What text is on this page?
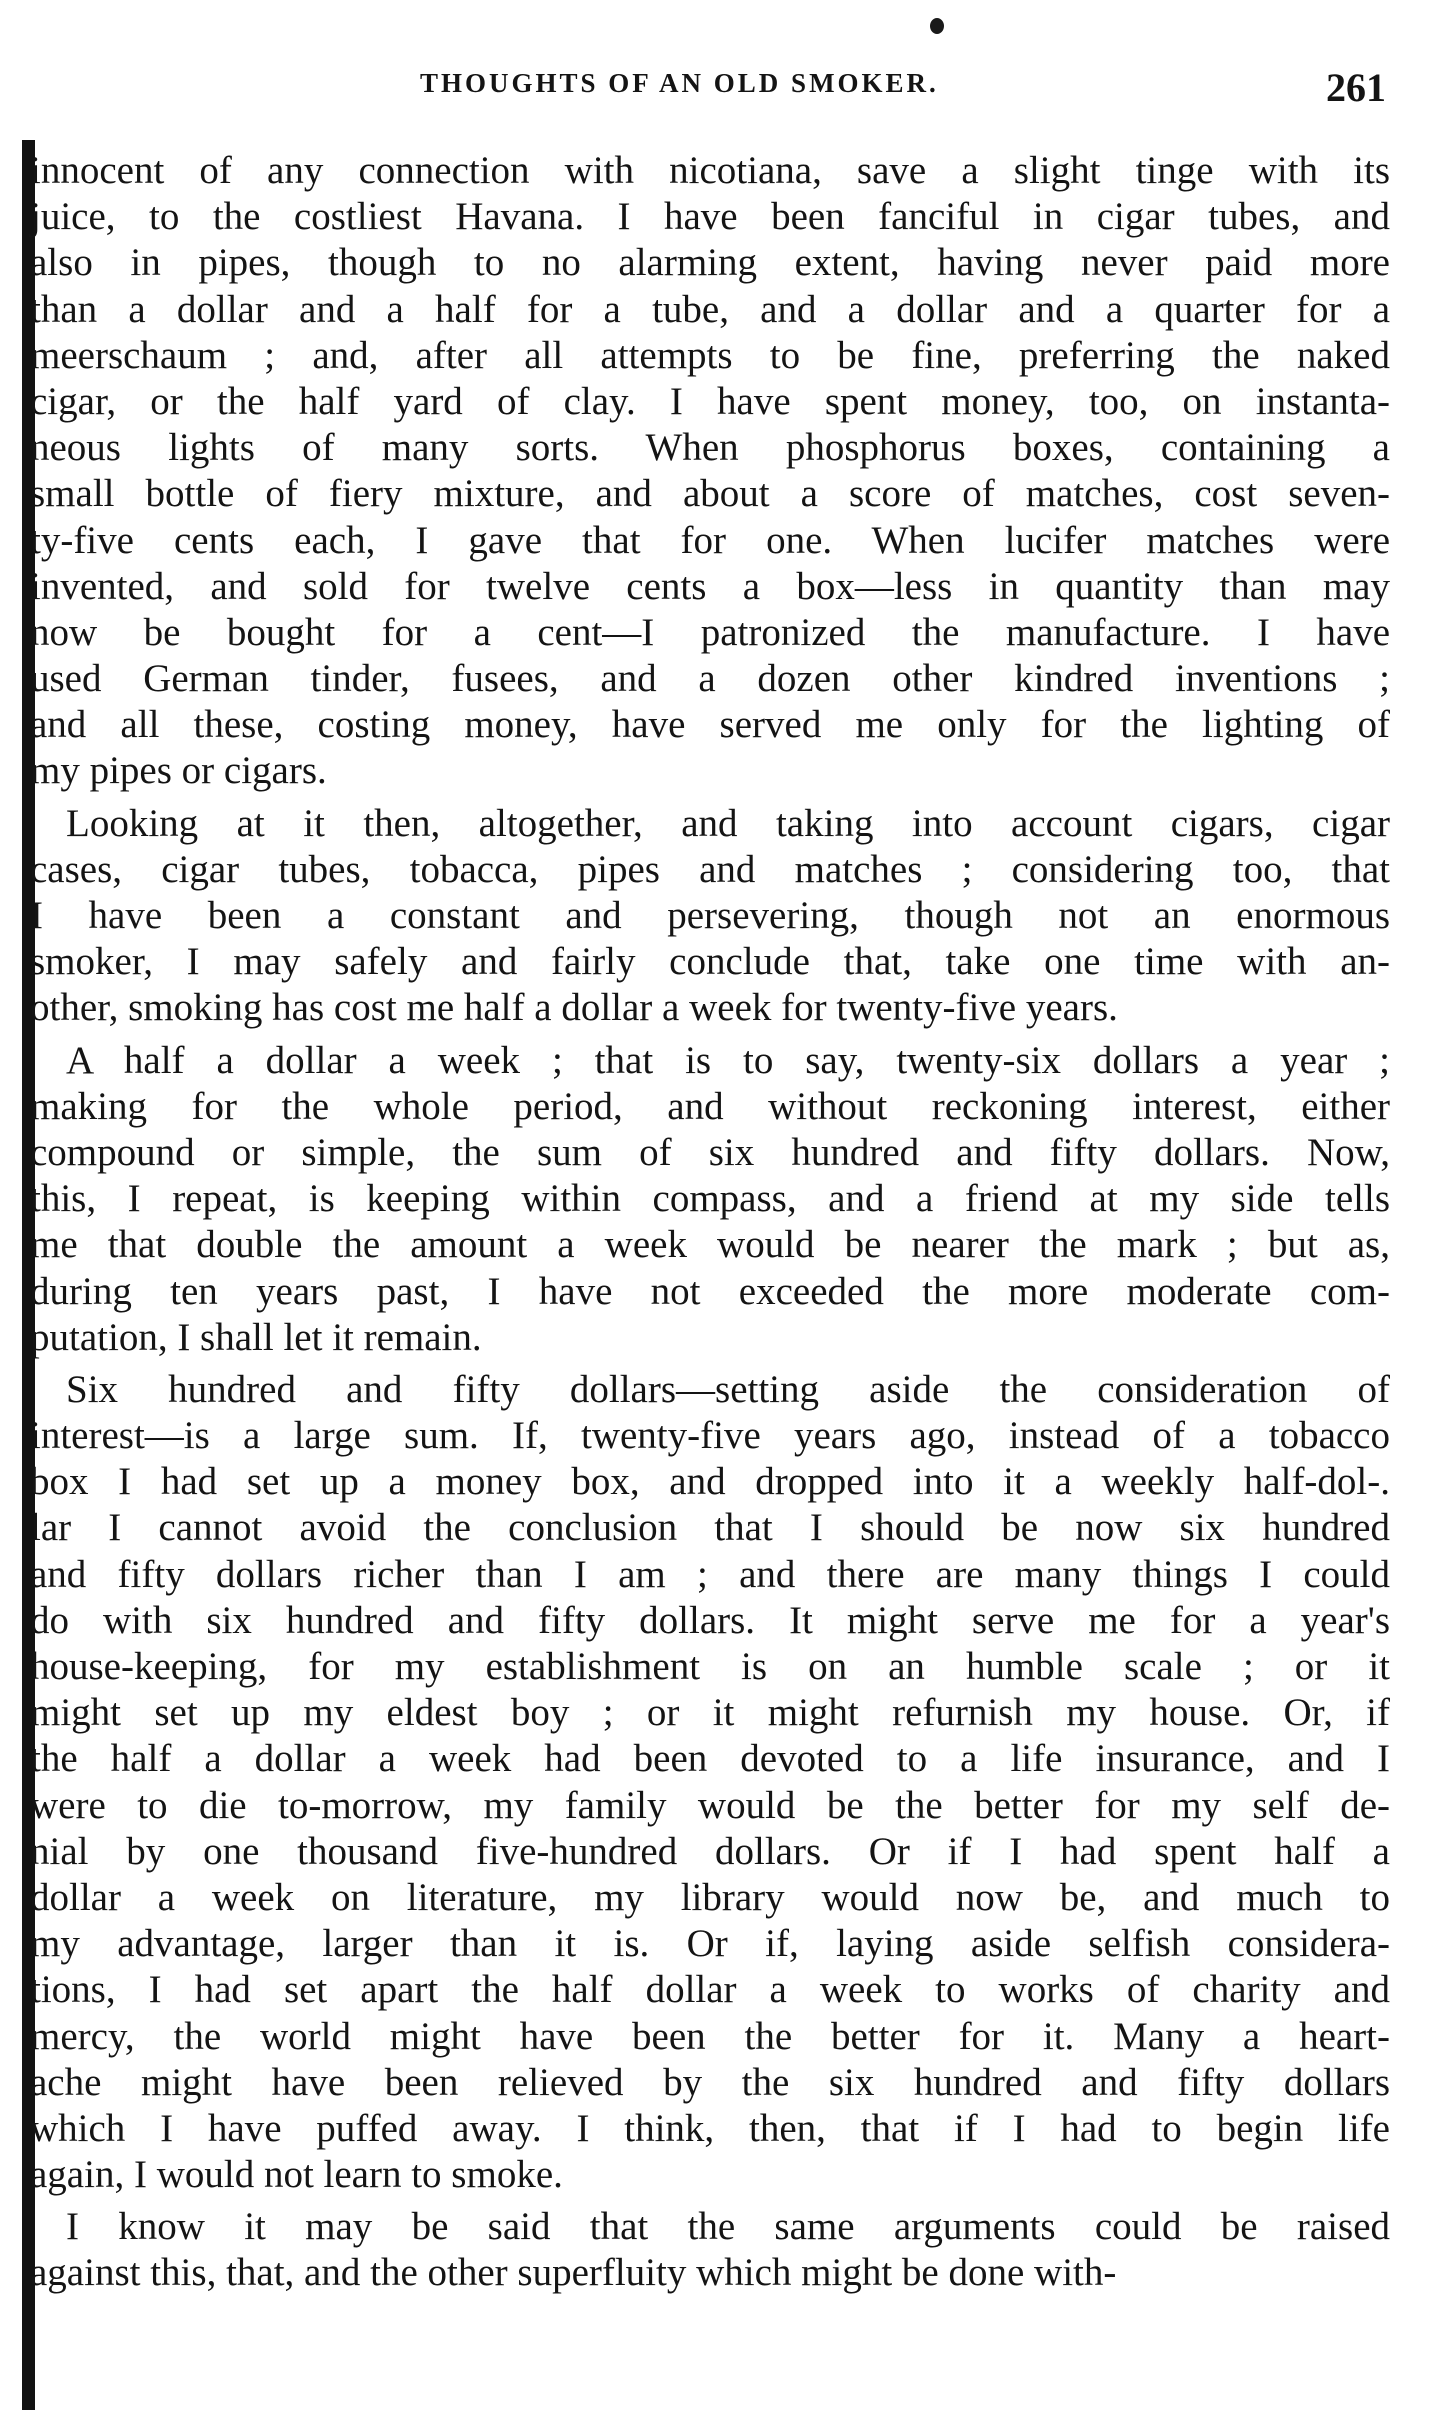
THOUGHTS OF AN OLD SMOKER.	261
innocent of any connection with nicotiana, save a slight tinge with its
juice, to the costliest Havana. I have been fanciful in cigar tubes, and
also in pipes, though to no alarming extent, having never paid more
than a dollar and a half for a tube, and a dollar and a quarter for a
meerschaum ; and, after all attempts to be fine, preferring the naked
cigar, or the half yard of clay. I have spent money, too, on instanta-
neous lights of many sorts. When phosphorus boxes, containing a
small bottle of fiery mixture, and about a score of matches, cost seven-
ty-five cents each, I gave that for one. When lucifer matches were
invented, and sold for twelve cents a box—less in quantity than may
now be bought for a cent—I patronized the manufacture. I have
used German tinder, fusees, and a dozen other kindred inventions ;
and all these, costing money, have served me only for the lighting of
my pipes or cigars.
Looking at it then, altogether, and taking into account cigars, cigar
cases, cigar tubes, tobacca, pipes and matches ; considering too, that
I have been a constant and persevering, though not an enormous
smoker, I may safely and fairly conclude that, take one time with an-
other, smoking has cost me half a dollar a week for twenty-five years.
A half a dollar a week ; that is to say, twenty-six dollars a year ;
making for the whole period, and without reckoning interest, either
compound or simple, the sum of six hundred and fifty dollars. Now,
this, I repeat, is keeping within compass, and a friend at my side tells
me that double the amount a week would be nearer the mark ; but as,
during ten years past, I have not exceeded the more moderate com-
putation, I shall let it remain.
Six hundred and fifty dollars—setting aside the consideration of
interest—is a large sum. If, twenty-five years ago, instead of a tobacco
box I had set up a money box, and dropped into it a weekly half-dol-.
lar I cannot avoid the conclusion that I should be now six hundred
and fifty dollars richer than I am ; and there are many things I could
do with six hundred and fifty dollars. It might serve me for a year's
house-keeping, for my establishment is on an humble scale ; or it
might set up my eldest boy ; or it might refurnish my house. Or, if
the half a dollar a week had been devoted to a life insurance, and I
were to die to-morrow, my family would be the better for my self de-
nial by one thousand five-hundred dollars. Or if I had spent half a
dollar a week on literature, my library would now be, and much to
my advantage, larger than it is. Or if, laying aside selfish considera-
tions, I had set apart the half dollar a week to works of charity and
mercy, the world might have been the better for it. Many a heart-
ache might have been relieved by the six hundred and fifty dollars
which I have puffed away. I think, then, that if I had to begin life
again, I would not learn to smoke.
I know it may be said that the same arguments could be raised
against this, that, and the other superfluity which might be done with-
